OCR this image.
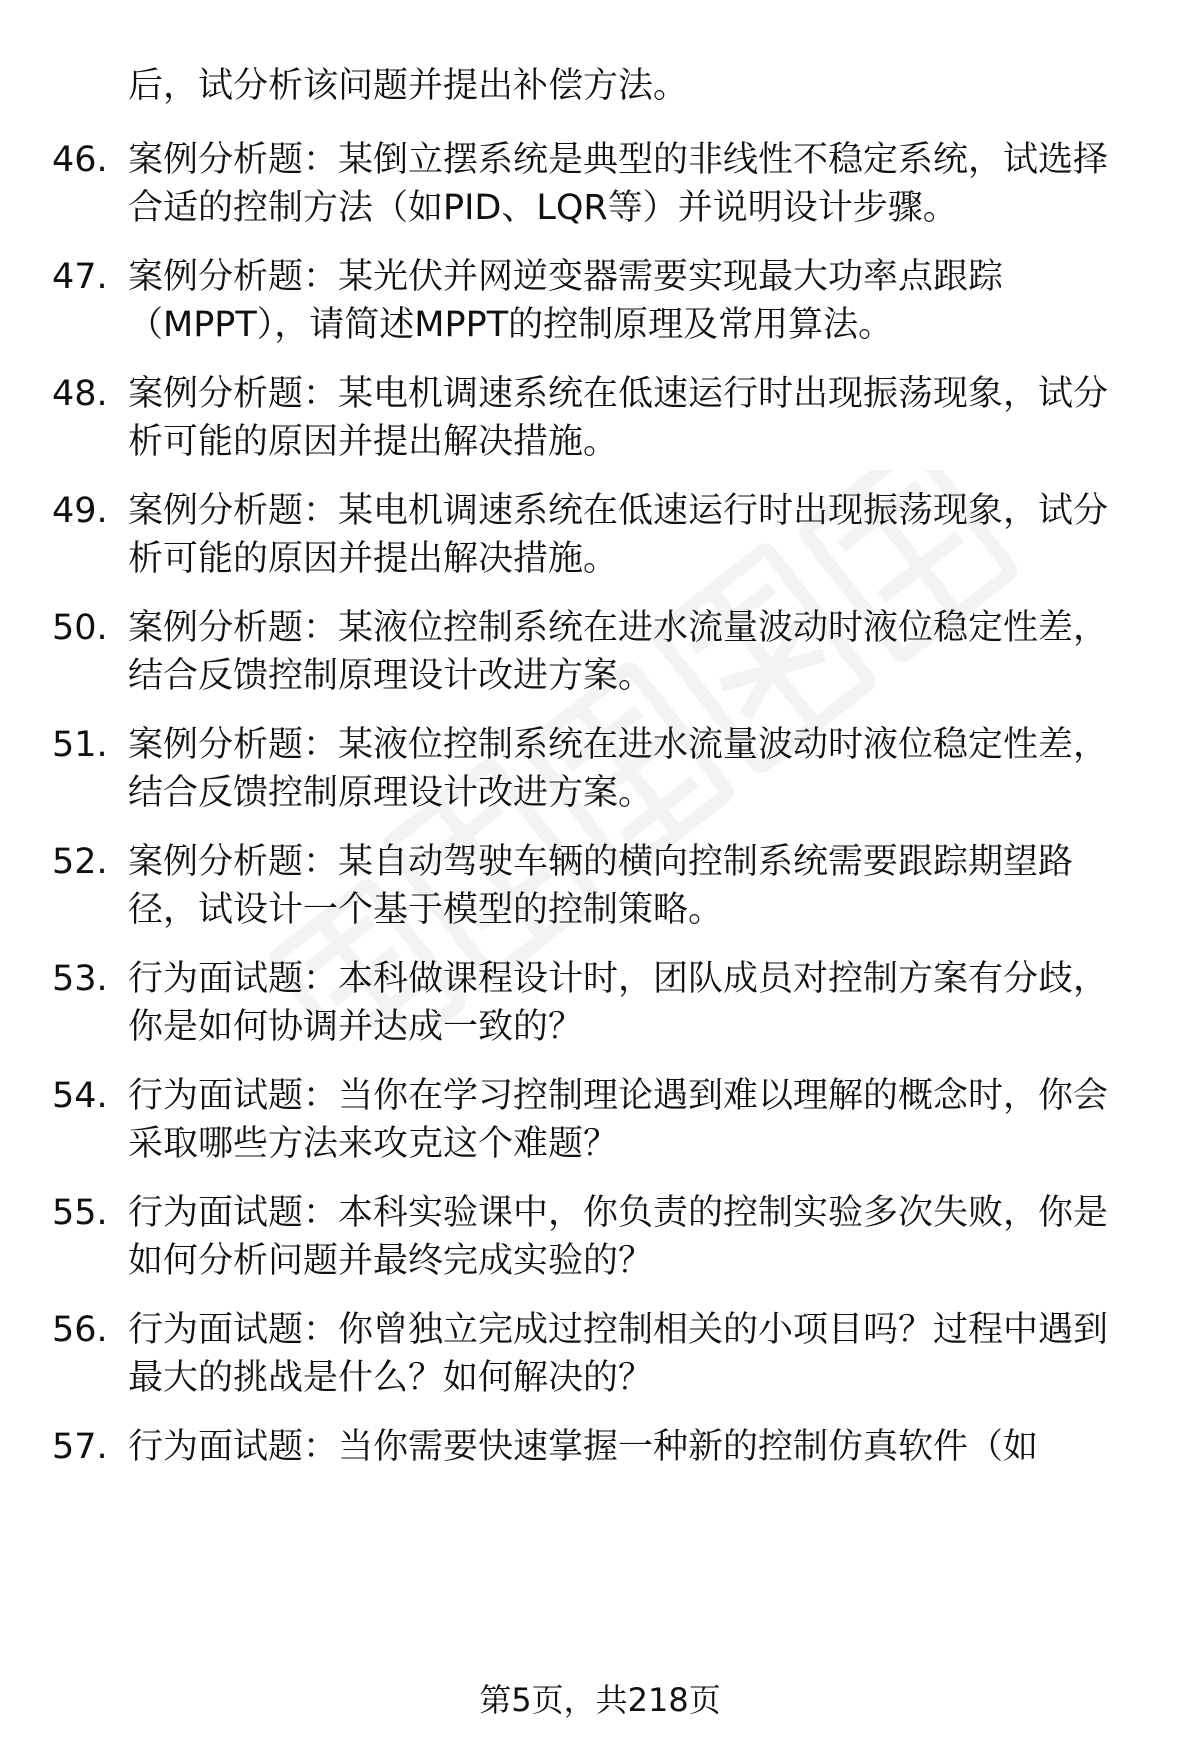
后，试分析该问题并提出补偿方法。
46. 案例分析题：某倒立摆系统是典型的非线性不稳定系统，试选择
合适的控制方法（如PID、LQR等）并说明设计步骤。
47. 案例分析题：某光伏并网逆变器需要实现最大功率点跟踪
（MPPT），请简述MPPT的控制原理及常用算法。
48. 案例分析题：某电机调速系统在低速运行时出现振荡现象，试分
析可能的原因并提出解决措施。
49. 案例分析题：某电机调速系统在低速运行时出现振荡现象，试分
析可能的原因并提出解决措施。
50. 案例分析题：某液位控制系统在进水流量波动时液位稳定性差，
结合反馈控制原理设计改进方案。
51. 案例分析题：某液位控制系统在进水流量波动时液位稳定性差，
结合反馈控制原理设计改进方案。
52. 案例分析题：某自动驾驶车辆的横向控制系统需要跟踪期望路
径，试设计一个基于模型的控制策略。
53. 行为面试题：本科做课程设计时，团队成员对控制方案有分歧，
你是如何协调并达成一致的？
54. 行为面试题：当你在学习控制理论遇到难以理解的概念时，你会
采取哪些方法来攻克这个难题？
55. 行为面试题：本科实验课中，你负责的控制实验多次失败，你是
如何分析问题并最终完成实验的？
56. 行为面试题：你曾独立完成过控制相关的小项目吗？过程中遇到
最大的挑战是什么？如何解决的？
57. 行为面试题：当你需要快速掌握一种新的控制仿真软件（如
第5页，共218页
